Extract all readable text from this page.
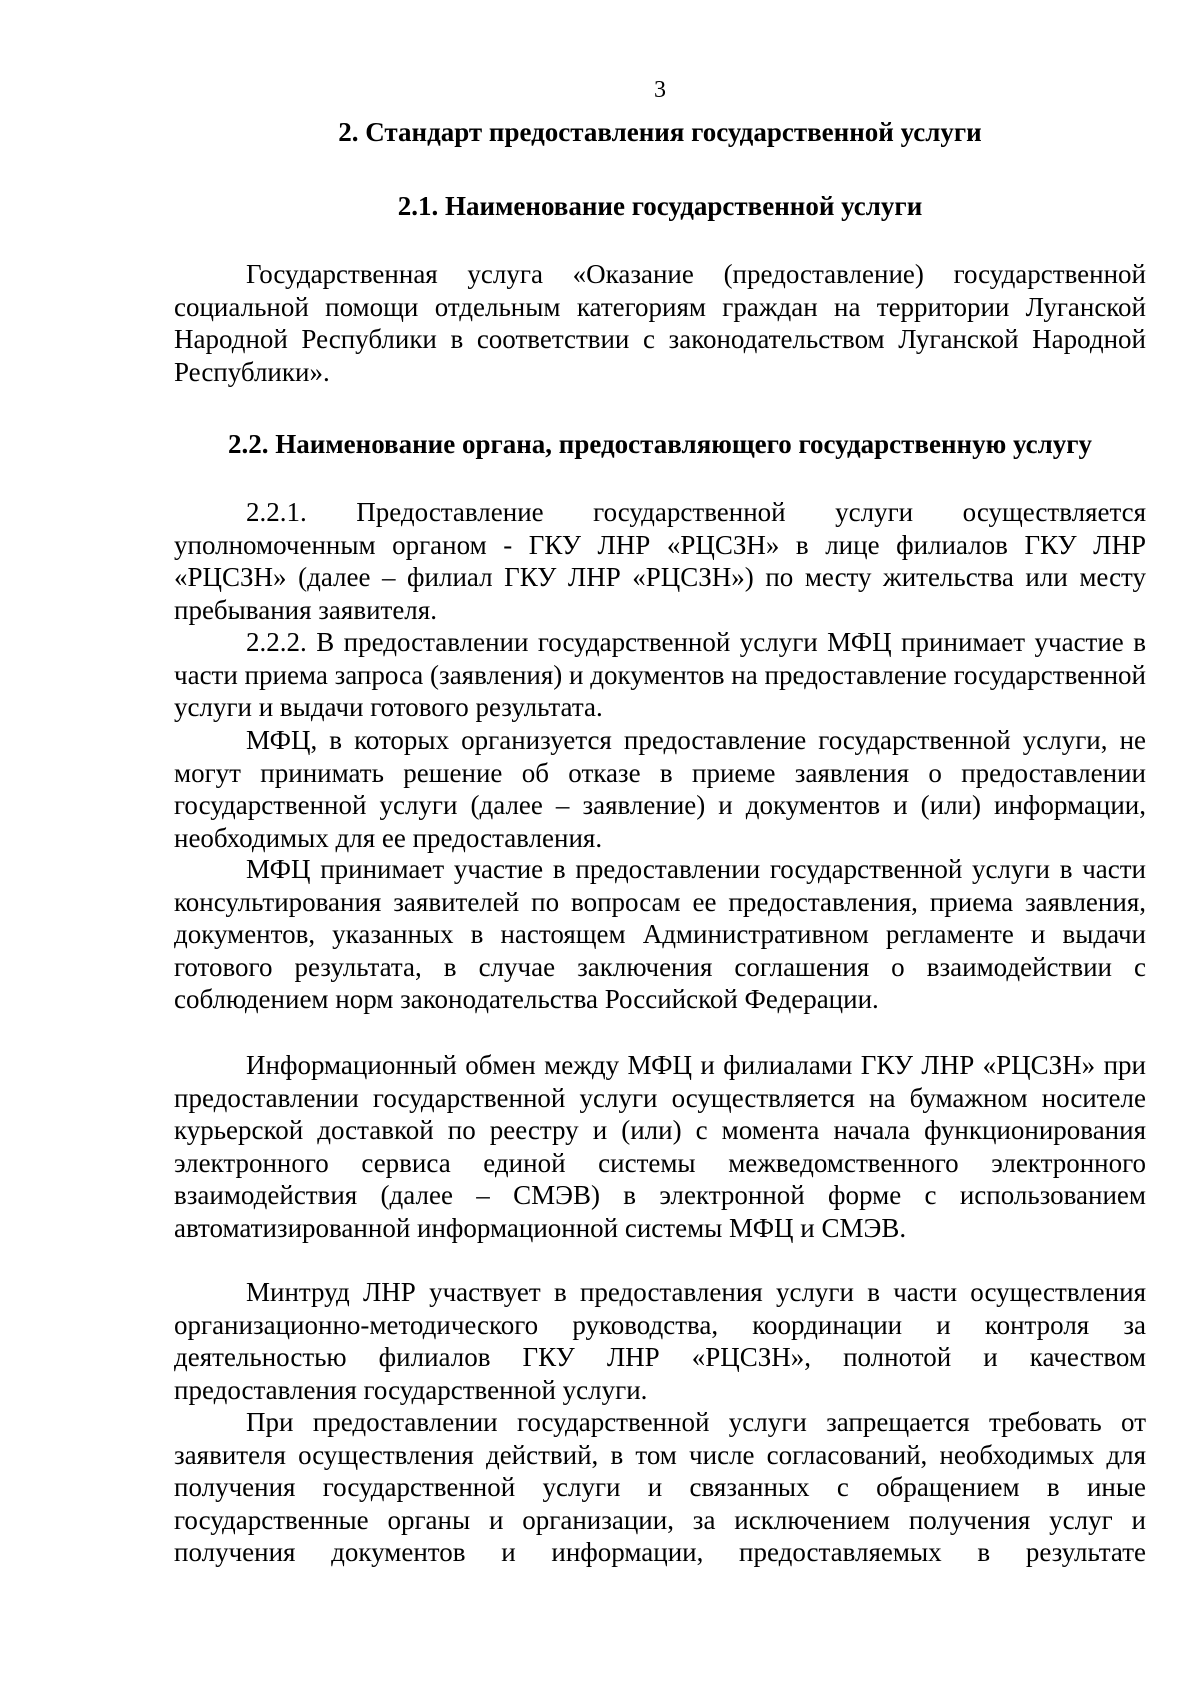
3
2. Стандарт предоставления государственной услуги
2.1. Наименование государственной услуги

Государственная услуга «Оказание (предоставление) государственной социальной помощи отдельным категориям граждан на территории Луганской Народной Республики в соответствии с законодательством Луганской Народной Республики».

2.2. Наименование органа, предоставляющего государственную услугу

2.2.1. Предоставление государственной услуги осуществляется уполномоченным органом - ГКУ ЛНР «РЦСЗН» в лице филиалов ГКУ ЛНР «РЦСЗН» (далее – филиал ГКУ ЛНР «РЦСЗН») по месту жительства или месту пребывания заявителя.

2.2.2. В предоставлении государственной услуги МФЦ принимает участие в части приема запроса (заявления) и документов на предоставление государственной услуги и выдачи готового результата.

МФЦ, в которых организуется предоставление государственной услуги, не могут принимать решение об отказе в приеме заявления о предоставлении государственной услуги (далее – заявление) и документов и (или) информации, необходимых для ее предоставления.

МФЦ принимает участие в предоставлении государственной услуги в части консультирования заявителей по вопросам ее предоставления, приема заявления, документов, указанных в настоящем Административном регламенте и выдачи готового результата, в случае заключения соглашения о взаимодействии с соблюдением норм законодательства Российской Федерации.

Информационный обмен между МФЦ и филиалами ГКУ ЛНР «РЦСЗН» при предоставлении государственной услуги осуществляется на бумажном носителе курьерской доставкой по реестру и (или) с момента начала функционирования электронного сервиса единой системы межведомственного электронного взаимодействия (далее – СМЭВ) в электронной форме с использованием автоматизированной информационной системы МФЦ и СМЭВ.

Минтруд ЛНР участвует в предоставления услуги в части осуществления организационно-методического руководства, координации и контроля за деятельностью филиалов ГКУ ЛНР «РЦСЗН», полнотой и качеством предоставления государственной услуги.

При предоставлении государственной услуги запрещается требовать от заявителя осуществления действий, в том числе согласований, необходимых для получения государственной услуги и связанных с обращением в иные государственные органы и организации, за исключением получения услуг и получения документов и информации, предоставляемых в результате
